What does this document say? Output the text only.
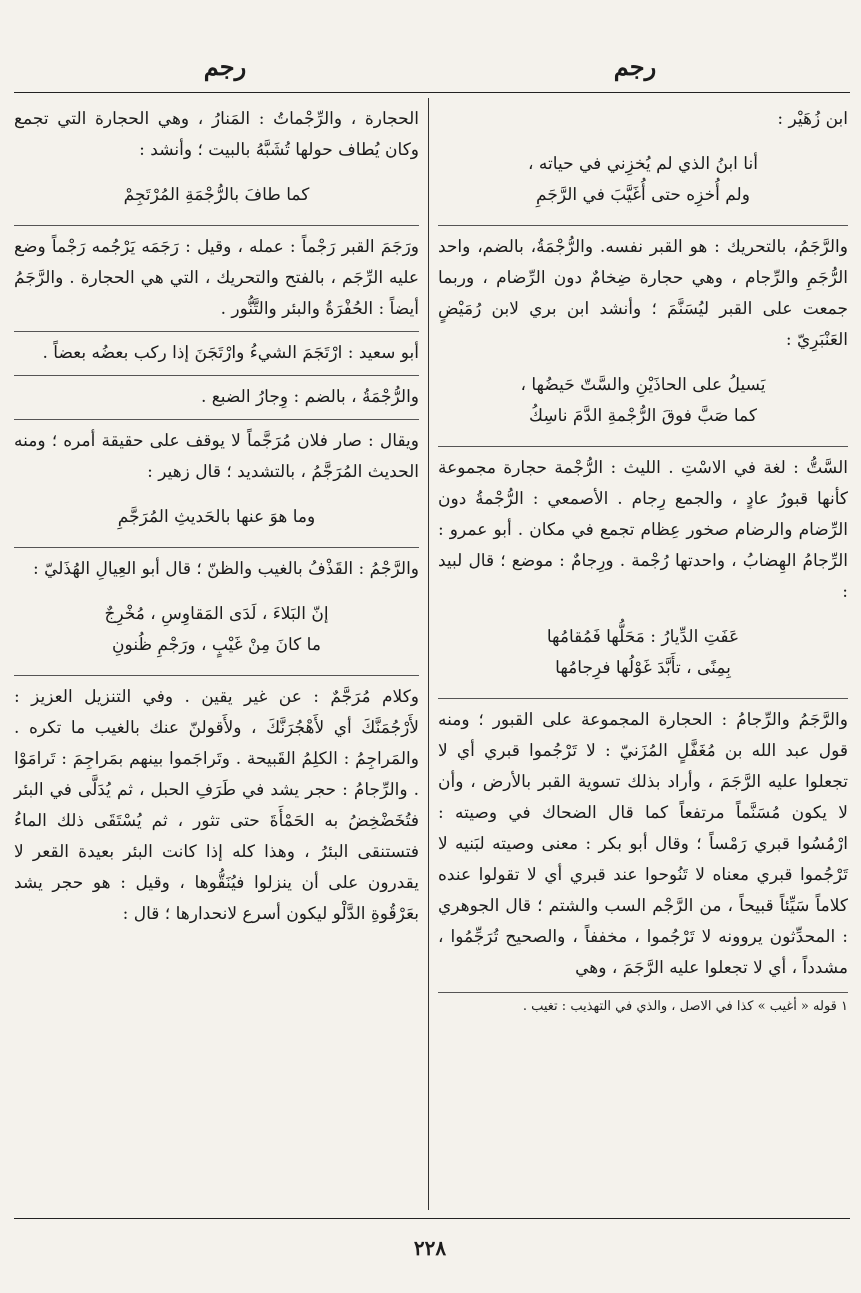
رجم
رجم

ابن زُهَيْر :

أنا ابنُ الذي لم يُخزِني في حياته ،
ولم أُخزِه حتى أُغَيَّبَ في الرَّجَمِ

والرَّجَمُ، بالتحريك : هو القبر نفسه. والرُّجْمَةُ، بالضم، واحد الرُّجَمِ والرِّجام ، وهي حجارة ضِخامٌ دون الرِّضام ، وربما جمعت على القبر ليُسَنَّمَ ؛ وأنشد ابن بري لابن رُمَيْضٍ العَنْبَرِيّ :

يَسيلُ على الحاذَيْنِ والسَّتّ حَيضُها ،
كما صَبَّ فوقَ الرُّجْمةِ الدَّمَ ناسِكُ

السَّتُّ : لغة في الاسْتِ . الليث : الرُّجْمة حجارة مجموعة كأنها قبورُ عادٍ ، والجمع رِجام . الأصمعي : الرُّجْمةُ دون الرِّضام والرضام صخور عِظام تجمع في مكان . أبو عمرو : الرِّجامُ الهِضابُ ، واحدتها رُجْمة . ورِجامٌ : موضع ؛ قال لبيد :

عَفَتِ الدِّيارُ : مَحَلُّها فَمُقامُها
بِمِنًى ، تأَبَّدَ غَوْلُها فرِجامُها

والرَّجَمُ والرِّجامُ : الحجارة المجموعة على القبور ؛ ومنه قول عبد الله بن مُغَفَّلٍ المُزَنيّ : لا تَرْجُموا قبري أي لا تجعلوا عليه الرَّجَمَ ، وأراد بذلك تسوية القبر بالأرض ، وأن لا يكون مُسَنَّماً مرتفعاً كما قال الضحاك في وصيته : ارْمُسُوا قبري رَمْساً ؛ وقال أبو بكر : معنى وصيته لبَنيه لا تَرْجُموا قبري معناه لا تَنُوحوا عند قبري أي لا تقولوا عنده كلاماً سَيِّئاً قبيحاً ، من الرَّجْم السب والشتم ؛ قال الجوهري : المحدِّثون يروونه لا تَرْجُموا ، مخففاً ، والصحيح تُرَجِّمُوا ، مشدداً ، أي لا تجعلوا عليه الرَّجَمَ ، وهي

١ قوله « أغيب » كذا في الاصل ، والذي في التهذيب : تغيب .

الحجارة ، والرِّجْماتُ : المَنارُ ، وهي الحجارة التي تجمع وكان يُطاف حولها تُشَبَّهُ بالبيت ؛ وأنشد :

كما طافَ بالرُّجْمَةِ المُرْتَجِمْ

ورَجَمَ القبر رَجْماً : عمله ، وقيل : رَجَمَه يَرْجُمه رَجْماً وضع عليه الرِّجَم ، بالفتح والتحريك ، التي هي الحجارة . والرَّجَمُ أيضاً : الحُفْرَةُ والبئر والتَّنُّور .

أبو سعيد : ارْتَجَمَ الشيءُ وارْتَجَنَ إذا ركب بعضُه بعضاً .

والرُّجْمَةُ ، بالضم : وِجارُ الضبع .

ويقال : صار فلان مُرَجَّماً لا يوقف على حقيقة أمره ؛ ومنه الحديث المُرَجَّمُ ، بالتشديد ؛ قال زهير :

وما هوَ عنها بالحَديثِ المُرَجَّمِ

والرَّجْمُ : القَذْفُ بالغيب والظنّ ؛ قال أبو العِيالِ الهُذَليّ :

إنّ البَلاءَ ، لَدَى المَقاوِسِ ، مُخْرِجٌ
ما كانَ مِنْ غَيْبٍ ، ورَجْمِ ظُنونِ

وكلام مُرَجَّمٌ : عن غير يقين . وفي التنزيل العزيز : لأَرْجُمَنَّكَ أي لأَهْجُرَنَّكَ ، ولأَقولنّ عنك بالغيب ما تكره . والمَراجِمُ : الكلِمُ القَبيحة . وتَراجَموا بينهم بمَراجِمَ : تَرامَوْا . والرِّجامُ : حجر يشد في طَرَفِ الحبل ، ثم يُدَلَّى في البئر فتُخَضْخِضُ به الحَمْأَةَ حتى تثور ، ثم يُسْتَقَى ذلك الماءُ فتستنقى البئرُ ، وهذا كله إذا كانت البئر بعيدة القعر لا يقدرون على أن ينزلوا فيُنَقُّوها ، وقيل : هو حجر يشد بعَرْقُوةِ الدَّلْو ليكون أسرع لانحدارها ؛ قال :

٢٢٨
